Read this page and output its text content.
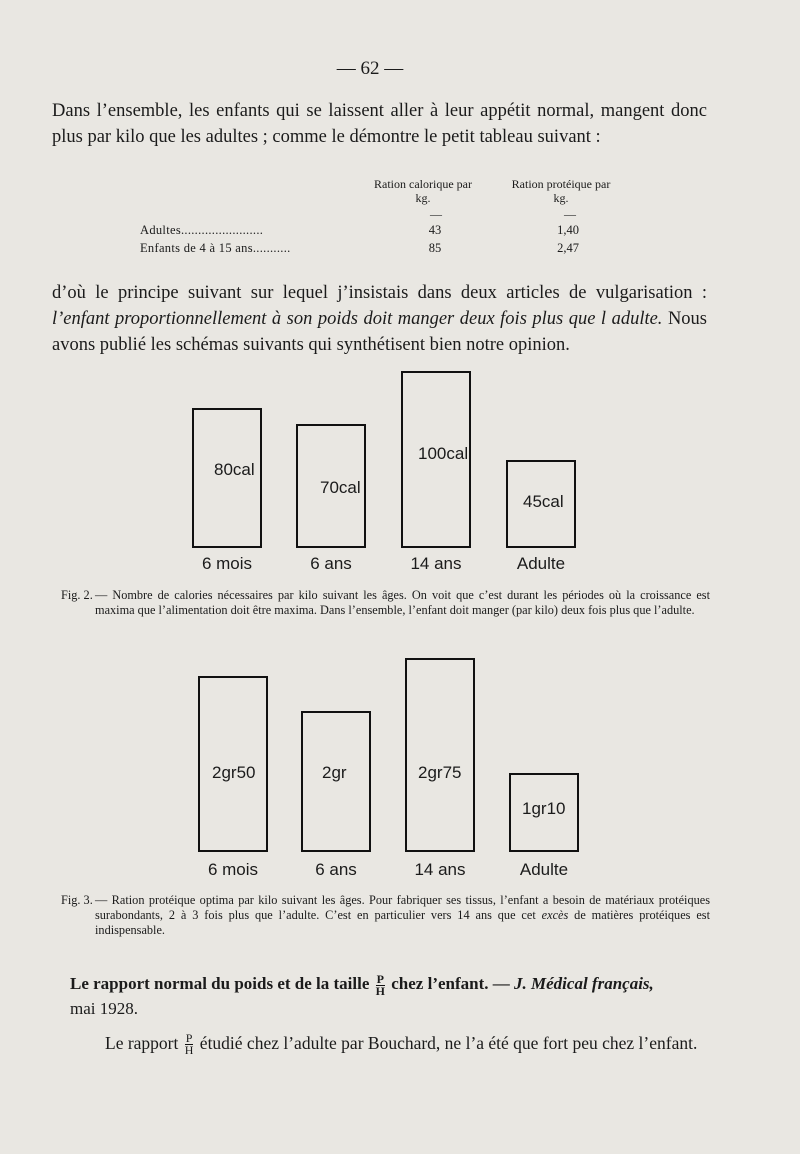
— 62 —
Dans l’ensemble, les enfants qui se laissent aller à leur appétit normal, mangent donc plus par kilo que les adultes ; comme le démontre le petit tableau suivant :
Ration calorique par kg.
Ration protéique par kg.
—	—
Adultes........................	43	1,40
Enfants de 4 à 15 ans...........	85	2,47
d’où le principe suivant sur lequel j’insistais dans deux articles de vulgarisation : l’enfant proportionnellement à son poids doit manger deux fois plus que l adulte. Nous avons publié les schémas suivants qui synthétisent bien notre opinion.
80cal
70cal
100cal
45cal
6 mois	6 ans	14 ans	Adulte
Fig. 2. — Nombre de calories nécessaires par kilo suivant les âges. On voit que c’est durant les périodes où la croissance est maxima que l’alimentation doit être maxima. Dans l’ensemble, l’enfant doit manger (par kilo) deux fois plus que l’adulte.
2gr50	2gr	2gr75
1gr10
6 mois	6 ans	14 ans	Adulte
Fig. 3. — Ration protéique optima par kilo suivant les âges. Pour fabriquer ses tissus, l’enfant a besoin de matériaux protéiques surabondants, 2 à 3 fois plus que l’adulte. C’est en particulier vers 14 ans que cet excès de matières protéiques est indispensable.
Le rapport normal du poids et de la taille $\frac{P}{H}$ chez l’enfant. — J. Médical français,
mai 1928.
Le rapport $\frac{P}{H}$ étudié chez l’adulte par Bouchard, ne l’a été que fort peu chez l’enfant.
